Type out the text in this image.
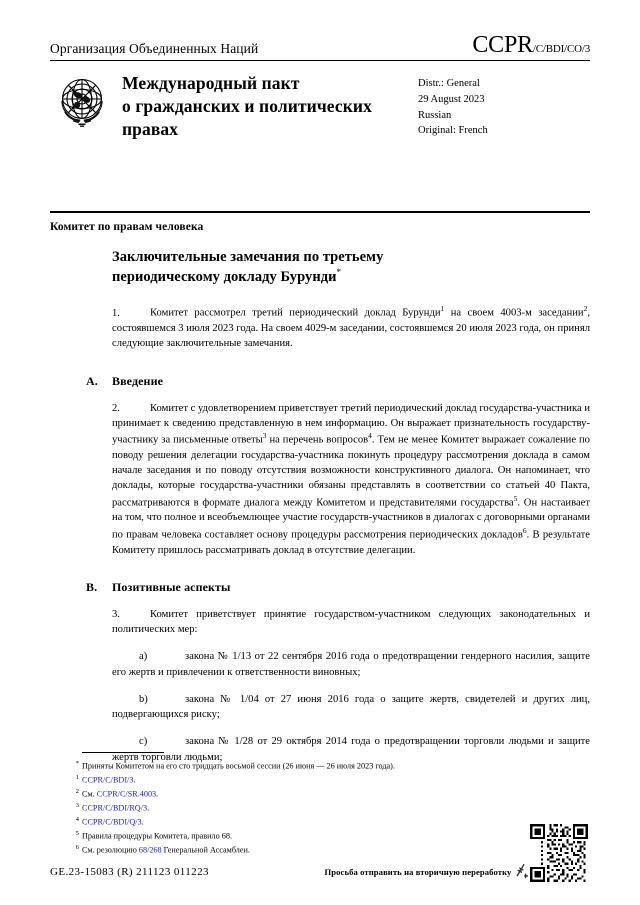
Организация Объединенных Наций	CCPR/C/BDI/CO/3
Международный пакт
о гражданских и политических
правах
Distr.: General
29 August 2023
Russian
Original: French
Комитет по правам человека
Заключительные замечания по третьему
периодическому докладу Бурунди*

1.	Комитет рассмотрел третий периодический доклад Бурунди$^1$ на своем 4003-м заседании$^2$, состоявшемся 3 июля 2023 года. На своем 4029-м заседании, состоявшемся 20 июля 2023 года, он принял следующие заключительные замечания.

A.	Введение

2.	Комитет с удовлетворением приветствует третий периодический доклад государства-участника и принимает к сведению представленную в нем информацию. Он выражает признательность государству-участнику за письменные ответы$^3$ на перечень вопросов$^4$. Тем не менее Комитет выражает сожаление по поводу решения делегации государства-участника покинуть процедуру рассмотрения доклада в самом начале заседания и по поводу отсутствия возможности конструктивного диалога. Он напоминает, что доклады, которые государства-участники обязаны представлять в соответствии со статьей 40 Пакта, рассматриваются в формате диалога между Комитетом и представителями государства$^5$. Он настаивает на том, что полное и всеобъемлющее участие государств-участников в диалогах с договорными органами по правам человека составляет основу процедуры рассмотрения периодических докладов$^6$. В результате Комитету пришлось рассматривать доклад в отсутствие делегации.

B.	Позитивные аспекты

3.	Комитет приветствует принятие государством-участником следующих законодательных и политических мер:

a)	закона № 1/13 от 22 сентября 2016 года о предотвращении гендерного насилия, защите его жертв и привлечении к ответственности виновных;

b)	закона № 1/04 от 27 июня 2016 года о защите жертв, свидетелей и других лиц, подвергающихся риску;

c)	закона № 1/28 от 29 октября 2014 года о предотвращении торговли людьми и защите жертв торговли людьми;

* Приняты Комитетом на его сто тридцать восьмой сессии (26 июня — 26 июля 2023 года).

1 CCPR/C/BDI/3.

2 См. CCPR/C/SR.4003.

3 CCPR/C/BDI/RQ/3.

4 CCPR/C/BDI/Q/3.

5 Правила процедуры Комитета, правило 68.

6 См. резолюцию 68/268 Генеральной Ассамблеи.

GE.23-15083 (R) 211123 011223	Просьба отправить на вторичную переработку
